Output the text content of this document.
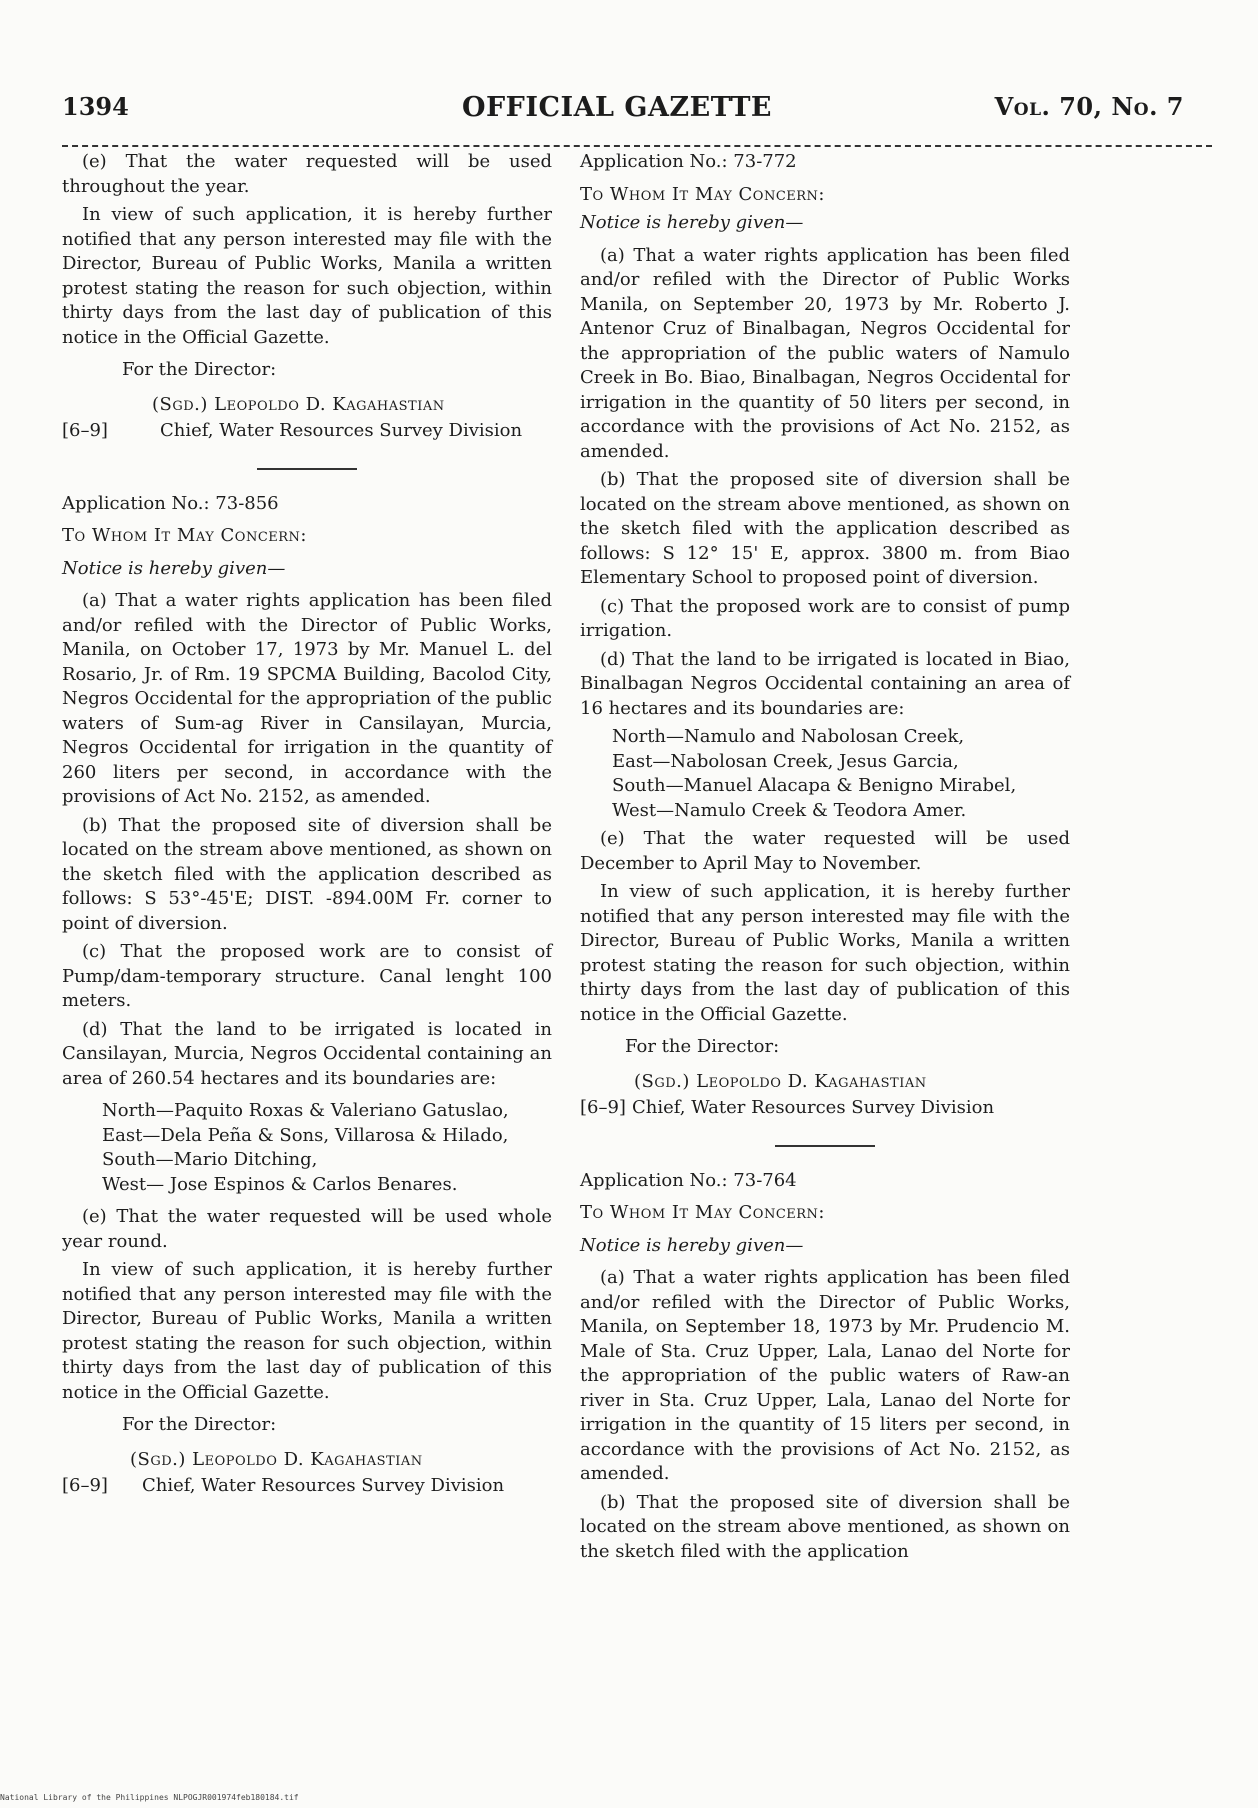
1394	OFFICIAL GAZETTE	Vol. 70, No. 7

(e) That the water requested will be used throughout the year.

In view of such application, it is hereby further notified that any person interested may file with the Director, Bureau of Public Works, Manila a written protest stating the reason for such objection, within thirty days from the last day of publication of this notice in the Official Gazette.

For the Director:

(Sgd.) Leopoldo D. Kagahastian
[6–9]	Chief, Water Resources Survey Division

Application No.: 73-856

To Whom It May Concern:

Notice is hereby given—

(a) That a water rights application has been filed and/or refiled with the Director of Public Works, Manila, on October 17, 1973 by Mr. Manuel L. del Rosario, Jr. of Rm. 19 SPCMA Building, Bacolod City, Negros Occidental for the appropriation of the public waters of Sum-ag River in Cansilayan, Murcia, Negros Occidental for irrigation in the quantity of 260 liters per second, in accordance with the provisions of Act No. 2152, as amended.

(b) That the proposed site of diversion shall be located on the stream above mentioned, as shown on the sketch filed with the application described as follows: S 53°-45'E; DIST. -894.00M Fr. corner to point of diversion.

(c) That the proposed work are to consist of Pump/dam-temporary structure. Canal lenght 100 meters.

(d) That the land to be irrigated is located in Cansilayan, Murcia, Negros Occidental containing an area of 260.54 hectares and its boundaries are:

North—Paquito Roxas & Valeriano Gatuslao,

East—Dela Peña & Sons, Villarosa & Hilado,

South—Mario Ditching,

West— Jose Espinos & Carlos Benares.

(e) That the water requested will be used whole year round.

In view of such application, it is hereby further notified that any person interested may file with the Director, Bureau of Public Works, Manila a written protest stating the reason for such objection, within thirty days from the last day of publication of this notice in the Official Gazette.

For the Director:

(Sgd.) Leopoldo D. Kagahastian
[6–9] Chief, Water Resources Survey Division

Application No.: 73-772

To Whom It May Concern:

Notice is hereby given—

(a) That a water rights application has been filed and/or refiled with the Director of Public Works Manila, on September 20, 1973 by Mr. Roberto J. Antenor Cruz of Binalbagan, Negros Occidental for the appropriation of the public waters of Namulo Creek in Bo. Biao, Binalbagan, Negros Occidental for irrigation in the quantity of 50 liters per second, in accordance with the provisions of Act No. 2152, as amended.

(b) That the proposed site of diversion shall be located on the stream above mentioned, as shown on the sketch filed with the application described as follows: S 12° 15' E, approx. 3800 m. from Biao Elementary School to proposed point of diversion.

(c) That the proposed work are to consist of pump irrigation.

(d) That the land to be irrigated is located in Biao, Binalbagan Negros Occidental containing an area of 16 hectares and its boundaries are:

North—Namulo and Nabolosan Creek,

East—Nabolosan Creek, Jesus Garcia,

South—Manuel Alacapa & Benigno Mirabel,

West—Namulo Creek & Teodora Amer.

(e) That the water requested will be used December to April May to November.

In view of such application, it is hereby further notified that any person interested may file with the Director, Bureau of Public Works, Manila a written protest stating the reason for such objection, within thirty days from the last day of publication of this notice in the Official Gazette.

For the Director:

(Sgd.) Leopoldo D. Kagahastian
[6–9] Chief, Water Resources Survey Division

Application No.: 73-764

To Whom It May Concern:

Notice is hereby given—

(a) That a water rights application has been filed and/or refiled with the Director of Public Works, Manila, on September 18, 1973 by Mr. Prudencio M. Male of Sta. Cruz Upper, Lala, Lanao del Norte for the appropriation of the public waters of Raw-an river in Sta. Cruz Upper, Lala, Lanao del Norte for irrigation in the quantity of 15 liters per second, in accordance with the provisions of Act No. 2152, as amended.

(b) That the proposed site of diversion shall be located on the stream above mentioned, as shown on the sketch filed with the application

National Library of the Philippines NLPOGJR001974feb180184.tif
